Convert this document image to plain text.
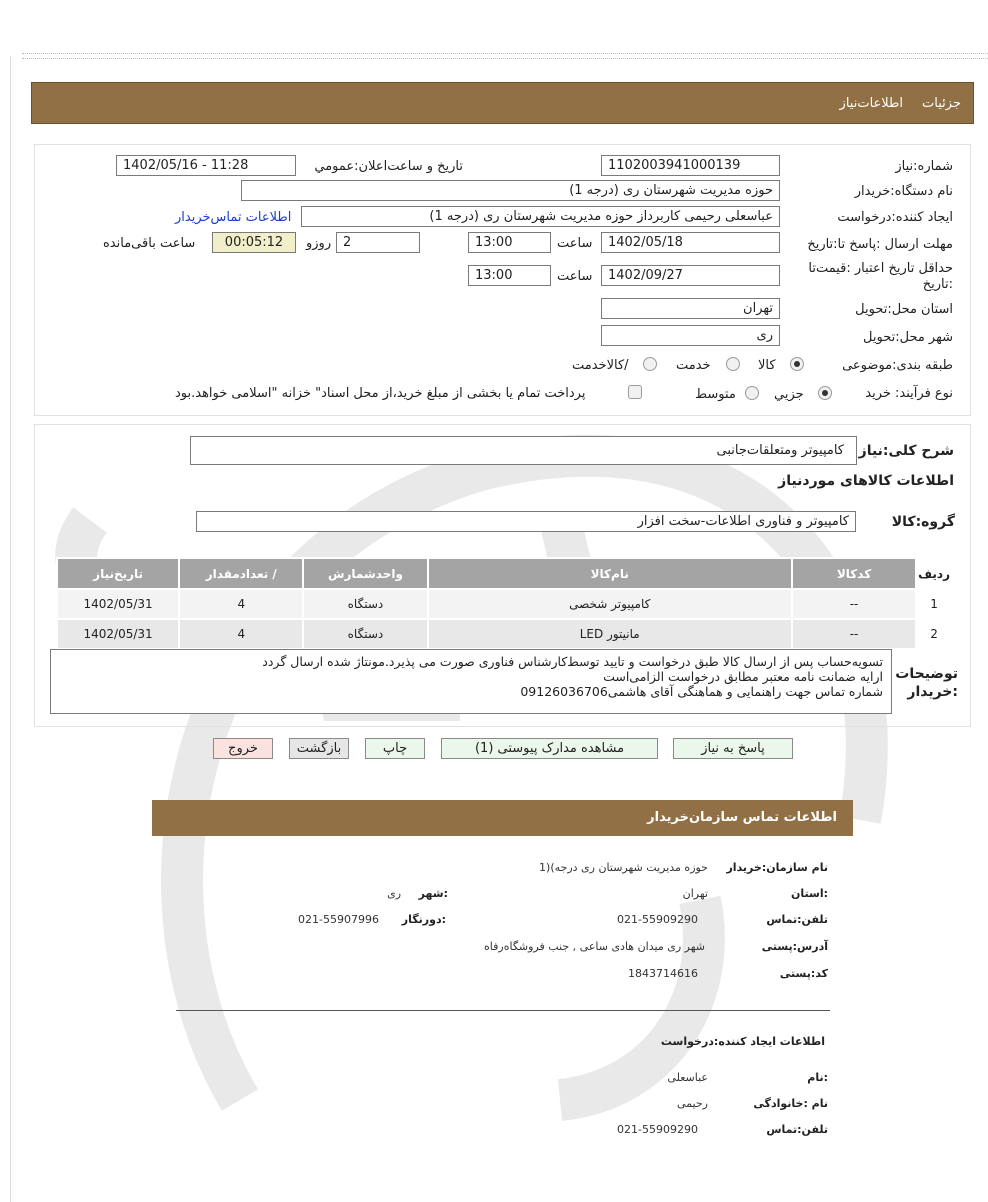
جزئیات
اطلاعات‌نیاز
شماره:نیاز
1102003941000139
تاریخ و ساعت‌اعلان:عمومي
1402/05/16 - 11:28
نام دستگاه:خریدار
حوزه مدیریت شهرستان ری (درجه 1)
ایجاد کننده:درخواست
عباسعلی رحیمی کاربرداز حوزه مدیریت شهرستان ری (درجه 1)
اطلاعات تماس‌خریدار
مهلت ارسال :پاسخ تا:تاریخ
1402/05/18
ساعت
13:00
2
روزو
00:05:12
ساعت باقی‌مانده
حداقل تاریخ اعتبار :قیمت‌تا :تاریخ
1402/09/27
ساعت
13:00
استان محل:تحویل
تهران
شهر محل:تحویل
ری
طبقه بندی:موضوعی
کالا
خدمت
/کالاخدمت
نوع فرآیند: خرید
جزیي
متوسط
پرداخت تمام یا بخشی از مبلغ خرید،از محل اسناد" خزانه "اسلامی خواهد.بود
شرح کلی:نیاز
کامپیوتر ومتعلقات‌جانبی
اطلاعات کالاهای موردنیاز
گروه:کالا
کامپیوتر و فناوری اطلاعات-سخت افزار
ردیف	کدکالا	نام‌کالا	واحدشمارش	/ تعدادمقدار	تاریخ‌نیاز
1	--	کامپیوتر شخصی	دستگاه	4	1402/05/31
2	--	مانیتور LED	دستگاه	4	1402/05/31
توضیحات :خریدار
تسویه‌حساب پس از ارسال کالا طبق درخواست و تایید توسط‌کارشناس فناوری صورت می پذیرد.مونتاژ شده ارسال گردد
ارایه ضمانت نامه معتبر مطابق درخواست الزامی‌است
شماره تماس جهت راهنمایی و هماهنگی آقای هاشمی09126036706
پاسخ به نیاز
مشاهده مدارک پیوستی (1)
چاپ
بازگشت
خروج
اطلاعات تماس سازمان‌خریدار
نام سازمان:خریدار
حوزه مدیریت شهرستان ری درجه)(1
:استان
تهران
:شهر
ری
تلفن:تماس
021-55909290
:دورنگار
021-55907996
آدرس:پستی
شهر ری میدان هادی ساعی , جنب فروشگاه‌رفاه
کد:پستی
1843714616
اطلاعات ایجاد کننده:درخواست
:نام
عباسعلی
نام :خانوادگی
رحیمی
تلفن:تماس
021-55909290
